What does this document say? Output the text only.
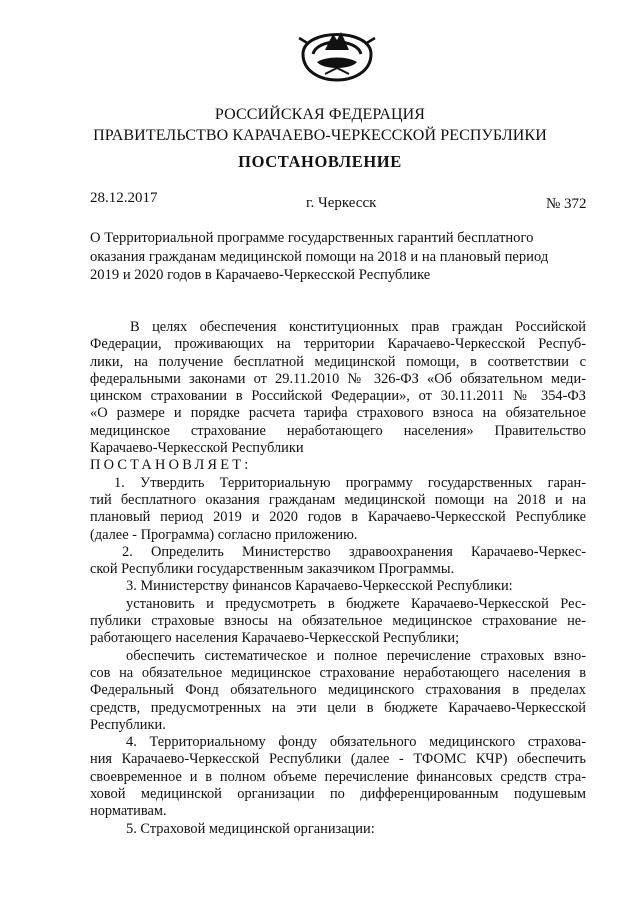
РОССИЙСКАЯ ФЕДЕРАЦИЯ
ПРАВИТЕЛЬСТВО КАРАЧАЕВО-ЧЕРКЕССКОЙ РЕСПУБЛИКИ
ПОСТАНОВЛЕНИЕ
28.12.2017	г. Черкесск	№ 372
О Территориальной программе государственных гарантий бесплатного
оказания гражданам медицинской помощи на 2018 и на плановый период
2019 и 2020 годов в Карачаево-Черкесской Республике
В целях обеспечения конституционных прав граждан Российской
Федерации, проживающих на территории Карачаево-Черкесской Респуб-
лики, на получение бесплатной медицинской помощи, в соответствии с
федеральными законами от 29.11.2010 № 326-ФЗ «Об обязательном меди-
цинском страховании в Российской Федерации», от 30.11.2011 № 354-ФЗ
«О размере и порядке расчета тарифа страхового взноса на обязательное
медицинское страхование неработающего населения» Правительство
Карачаево-Черкесской Республики
ПОСТАНОВЛЯЕТ:
1. Утвердить Территориальную программу государственных гаран-
тий бесплатного оказания гражданам медицинской помощи на 2018 и на
плановый период 2019 и 2020 годов в Карачаево-Черкесской Республике
(далее - Программа) согласно приложению.
2. Определить Министерство здравоохранения Карачаево-Черкес-
ской Республики государственным заказчиком Программы.
3. Министерству финансов Карачаево-Черкесской Республики:
установить и предусмотреть в бюджете Карачаево-Черкесской Рес-
публики страховые взносы на обязательное медицинское страхование не-
работающего населения Карачаево-Черкесской Республики;
обеспечить систематическое и полное перечисление страховых взно-
сов на обязательное медицинское страхование неработающего населения в
Федеральный Фонд обязательного медицинского страхования в пределах
средств, предусмотренных на эти цели в бюджете Карачаево-Черкесской
Республики.
4. Территориальному фонду обязательного медицинского страхова-
ния Карачаево-Черкесской Республики (далее - ТФОМС КЧР) обеспечить
своевременное и в полном объеме перечисление финансовых средств стра-
ховой медицинской организации по дифференцированным подушевым
нормативам.
5. Страховой медицинской организации:
